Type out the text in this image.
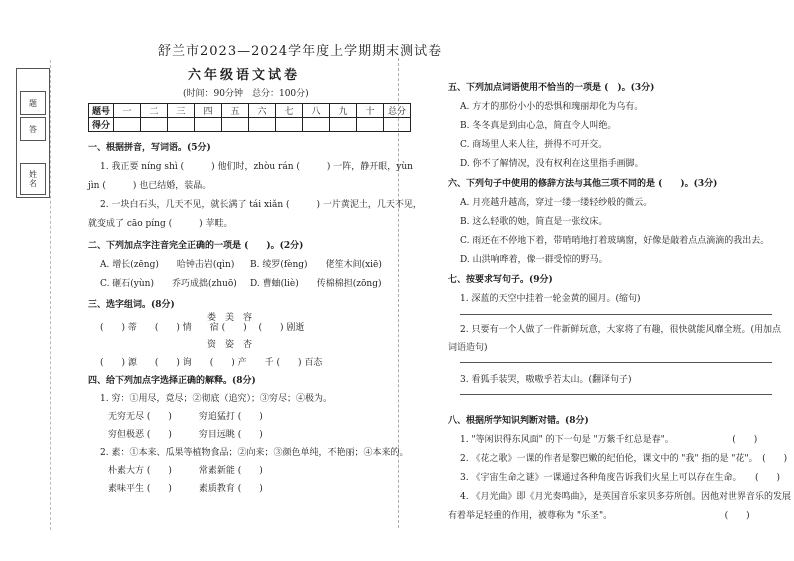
题
答
姓名
舒兰市2023—2024学年度上学期期末测试卷
六年级语文试卷
(时间：90分钟　总分：100分)
题号	一	二	三	四	五	六	七	八	九	十	总分
得分											
一、根据拼音，写词语。(5分)
1. 我正要 níng shì (　　　) 他们时，zhòu rán (　　　) 一阵，静开眼，yùn
jìn (　　　) 也已结婚，装晶。
2. 一块白石头，几天不见，就长满了 tái xiǎn (　　　) 一片黄泥土，几天不见，
就变成了 cāo píng (　　　) 苹畦。
二、下列加点字注音完全正确的一项是 (　　)。(2分)
A. 增长(zēng)　　哈钟击岩(qìn) B. 绫罗(fèng)　　佬笙木间(xiē)
C. 砸石(yùn)　　乔巧成拙(zhuō) D. 曹蚰(liè)　　传棉棉担(zōng)
三、选字组词。(8分)
娄　美　容
(　　) 蒂　　(　　) 情　　宿 (　　) 　(　　) 剧逝
资　姿　杏
(　　) 源　　(　　) 询　　(　　) 产　　千 (　　) 百态
四、给下列加点字选择正确的解释。(8分)
1. 穷：①用尽，竟尽；②彻底（追究）；③穷尽；④极为。
无穷无尽 (　　)　　　穷追猛打 (　　)
穷但极恶 (　　)　　　穷目远眺 (　　)
2. 素：①本来、瓜果等植物食品；②向来；③颜色单纯，不艳丽；④本来的。
朴素大方 (　　)　　　常素新能 (　　)
素味平生 (　　)　　　素质教育 (　　)
五、下列加点词语使用不恰当的一项是 (　)。(3分)
A. 方才的那份小小的恐惧和瑰丽却化为乌有。
B. 冬冬真是到由心急，简直令人叫绝。
C. 商场里人来人往，拼得不可开交。
D. 你不了解情况，没有权利在这里指手画脚。
六、下列句子中使用的修辞方法与其他三项不同的是 (　　)。(3分)
A. 月亮越升越高，穿过一缕一缕轻纱般的微云。
B. 这么轻歌的她，简直是一张纹床。
C. 雨还在不停地下着，带哨哨地打着玻璃窗，好像是敲着点点滴滴的我出去。
D. 山洪响哗着，像一群受惊的野马。
七、按要求写句子。(9分)
1. 深蓝的天空中挂着一轮金黄的圆月。(缩句)
2. 只要有一个人做了一件新鲜玩意，大家将了有趣，很快就能风靡全班。(用加点
词语造句)
3. 看狐手装哭，嗷嗷乎若太山。(翻译句子)
八、根据所学知识判断对错。(8分)
1. "等闲识得东风面" 的下一句是 "万紫千红总是春"。　　　　　　　(　　)
2. 《花之歌》一课的作者是黎巴嫩的纪伯伦，课文中的 "我" 指的是 "花"。　(　　)
3. 《宇宙生命之谜》一课通过各种角度告诉我们火星上可以存在生命。　　(　　)
4. 《月光曲》即《月光奏鸣曲》，是英国音乐家贝多芬所创。因他对世界音乐的发展
有着举足轻重的作用，被尊称为 "乐圣"。　　　　　　　　　　　　　(　　)
